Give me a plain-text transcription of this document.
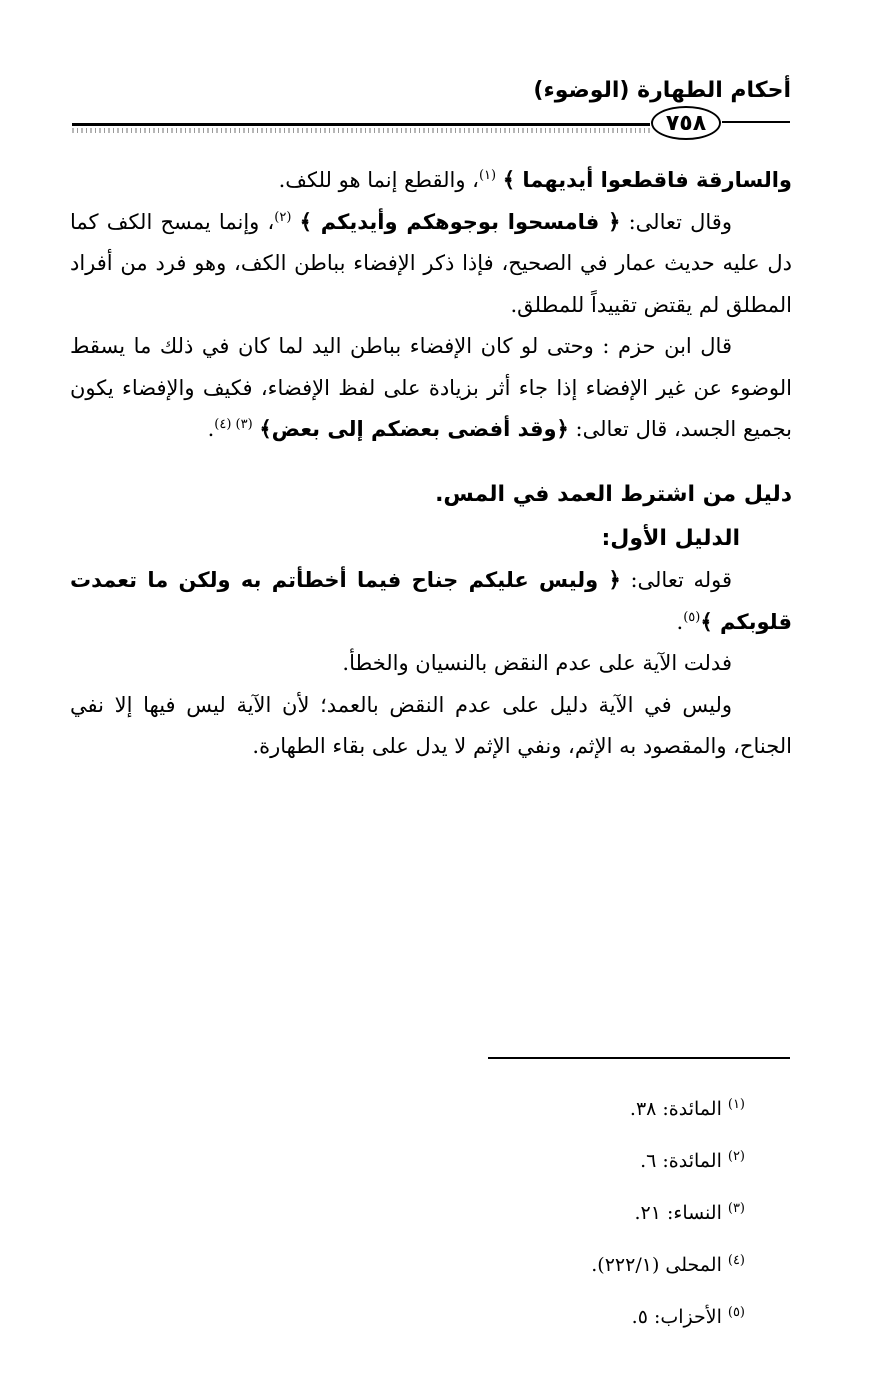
أحكام الطهارة (الوضوء)
٧٥٨

والسارقة فاقطعوا أيديهما ﴾ $^{(١)}$، والقطع إنما هو للكف.

وقال تعالى: ﴿ فامسحوا بوجوهكم وأيديكم ﴾ $^{(٢)}$، وإنما يمسح الكف كما دل عليه حديث عمار في الصحيح، فإذا ذكر الإفضاء بباطن الكف، وهو فرد من أفراد المطلق لم يقتض تقييداً للمطلق.

قال ابن حزم : وحتى لو كان الإفضاء بباطن اليد لما كان في ذلك ما يسقط الوضوء عن غير الإفضاء إذا جاء أثر بزيادة على لفظ الإفضاء، فكيف والإفضاء يكون بجميع الجسد، قال تعالى: ﴿وقد أفضى بعضكم إلى بعض﴾ $^{(٣) (٤)}$.

دليل من اشترط العمد في المس.

الدليل الأول:

قوله تعالى: ﴿ وليس عليكم جناح فيما أخطأتم به ولكن ما تعمدت قلوبكم ﴾$^{(٥)}$.

فدلت الآية على عدم النقض بالنسيان والخطأ.

وليس في الآية دليل على عدم النقض بالعمد؛ لأن الآية ليس فيها إلا نفي الجناح، والمقصود به الإثم، ونفي الإثم لا يدل على بقاء الطهارة.

$^{(١)}$المائدة: ٣٨.
$^{(٢)}$المائدة: ٦.
$^{(٣)}$النساء: ٢١.
$^{(٤)}$المحلى (٢٢٢/١).
$^{(٥)}$الأحزاب: ٥.
